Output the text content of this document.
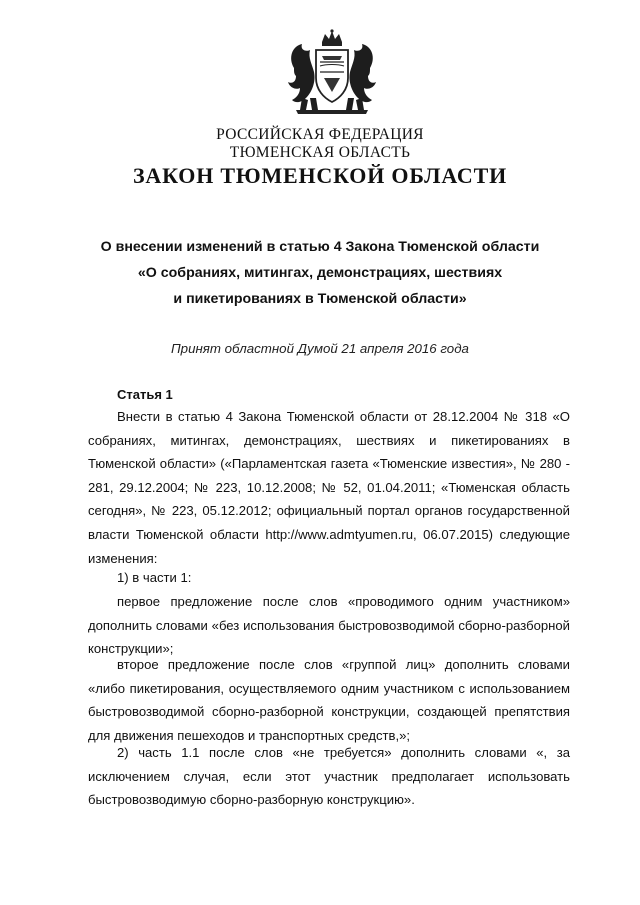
РОССИЙСКАЯ ФЕДЕРАЦИЯ
ТЮМЕНСКАЯ ОБЛАСТЬ
ЗАКОН ТЮМЕНСКОЙ ОБЛАСТИ
О внесении изменений в статью 4 Закона Тюменской области
«О собраниях, митингах, демонстрациях, шествиях
и пикетированиях в Тюменской области»
Принят областной Думой 21 апреля 2016 года
Статья 1

Внести в статью 4 Закона Тюменской области от 28.12.2004 № 318 «О собраниях, митингах, демонстрациях, шествиях и пикетированиях в Тюменской области» («Парламентская газета «Тюменские известия», № 280 - 281, 29.12.2004; № 223, 10.12.2008; № 52, 01.04.2011; «Тюменская область сегодня», № 223, 05.12.2012; официальный портал органов государственной власти Тюменской области http://www.admtyumen.ru, 06.07.2015) следующие изменения:

1) в части 1:

первое предложение после слов «проводимого одним участником» дополнить словами «без использования быстровозводимой сборно-разборной конструкции»;

второе предложение после слов «группой лиц» дополнить словами «либо пикетирования, осуществляемого одним участником с использованием быстровозводимой сборно-разборной конструкции, создающей препятствия для движения пешеходов и транспортных средств,»;

2) часть 1.1 после слов «не требуется» дополнить словами «, за исключением случая, если этот участник предполагает использовать быстровозводимую сборно-разборную конструкцию».
